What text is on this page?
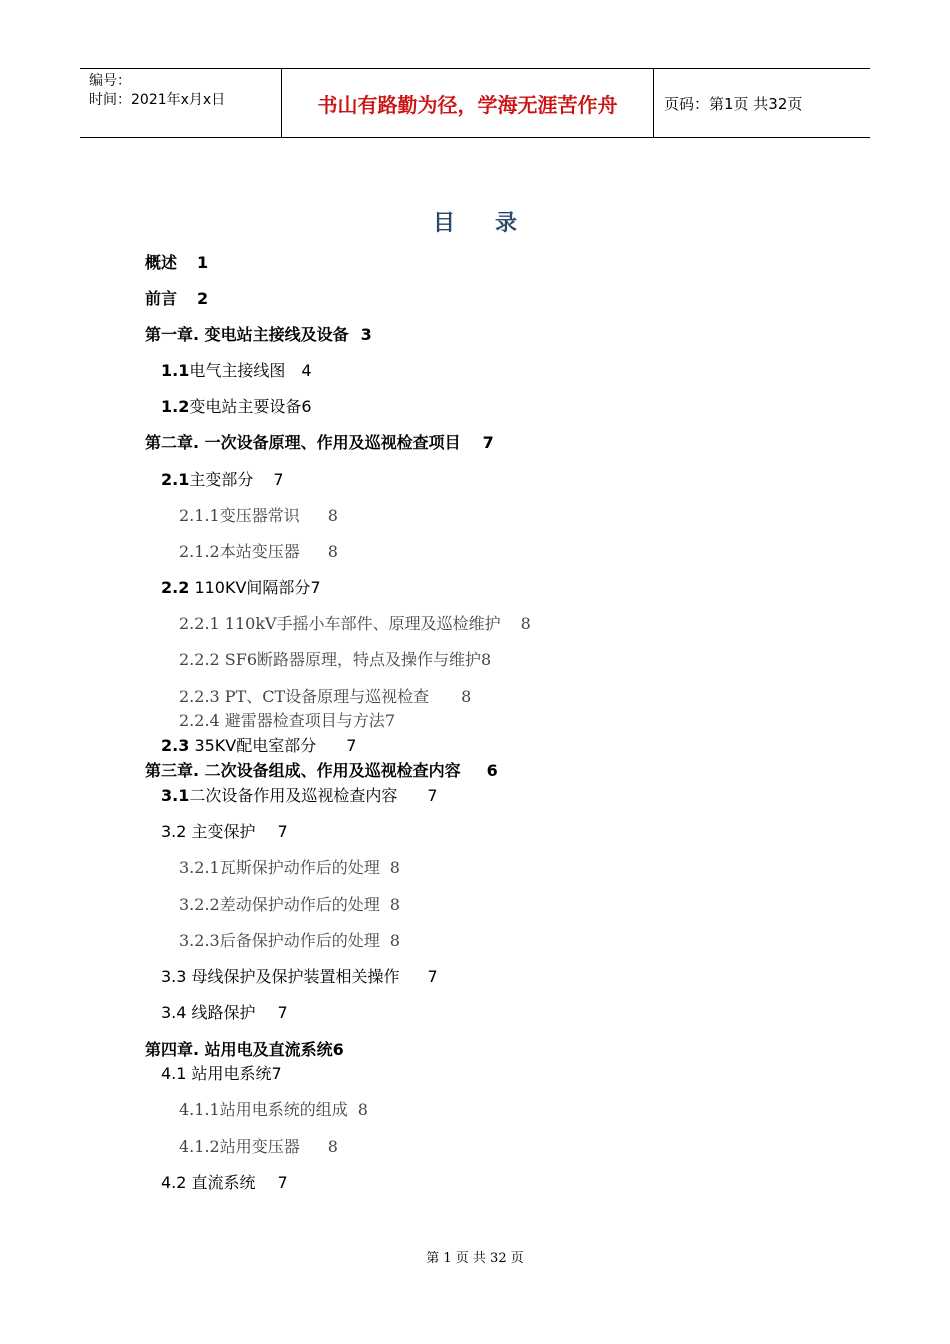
编号：
时间：2021年x月x日	书山有路勤为径，学海无涯苦作舟	页码：第1页 共32页
目录
概述 1
前言 2
第一章. 变电站主接线及设备 3
1.1电气主接线图 4
1.2变电站主要设备6
第二章. 一次设备原理、作用及巡视检查项目 7
2.1主变部分 7
2.1.1变压器常识 8
2.1.2本站变压器 8
2.2 110KV间隔部分7
2.2.1 110kV手摇小车部件、原理及巡检维护 8
2.2.2 SF6断路器原理，特点及操作与维护8
2.2.3 PT、CT设备原理与巡视检查 8
2.2.4 避雷器检查项目与方法7
2.3 35KV配电室部分 7
第三章. 二次设备组成、作用及巡视检查内容 6
3.1二次设备作用及巡视检查内容 7
3.2 主变保护 7
3.2.1瓦斯保护动作后的处理 8
3.2.2差动保护动作后的处理 8
3.2.3后备保护动作后的处理 8
3.3 母线保护及保护装置相关操作 7
3.4 线路保护 7
第四章. 站用电及直流系统6
4.1 站用电系统7
4.1.1站用电系统的组成 8
4.1.2站用变压器 8
4.2 直流系统 7
第 1 页 共 32 页
